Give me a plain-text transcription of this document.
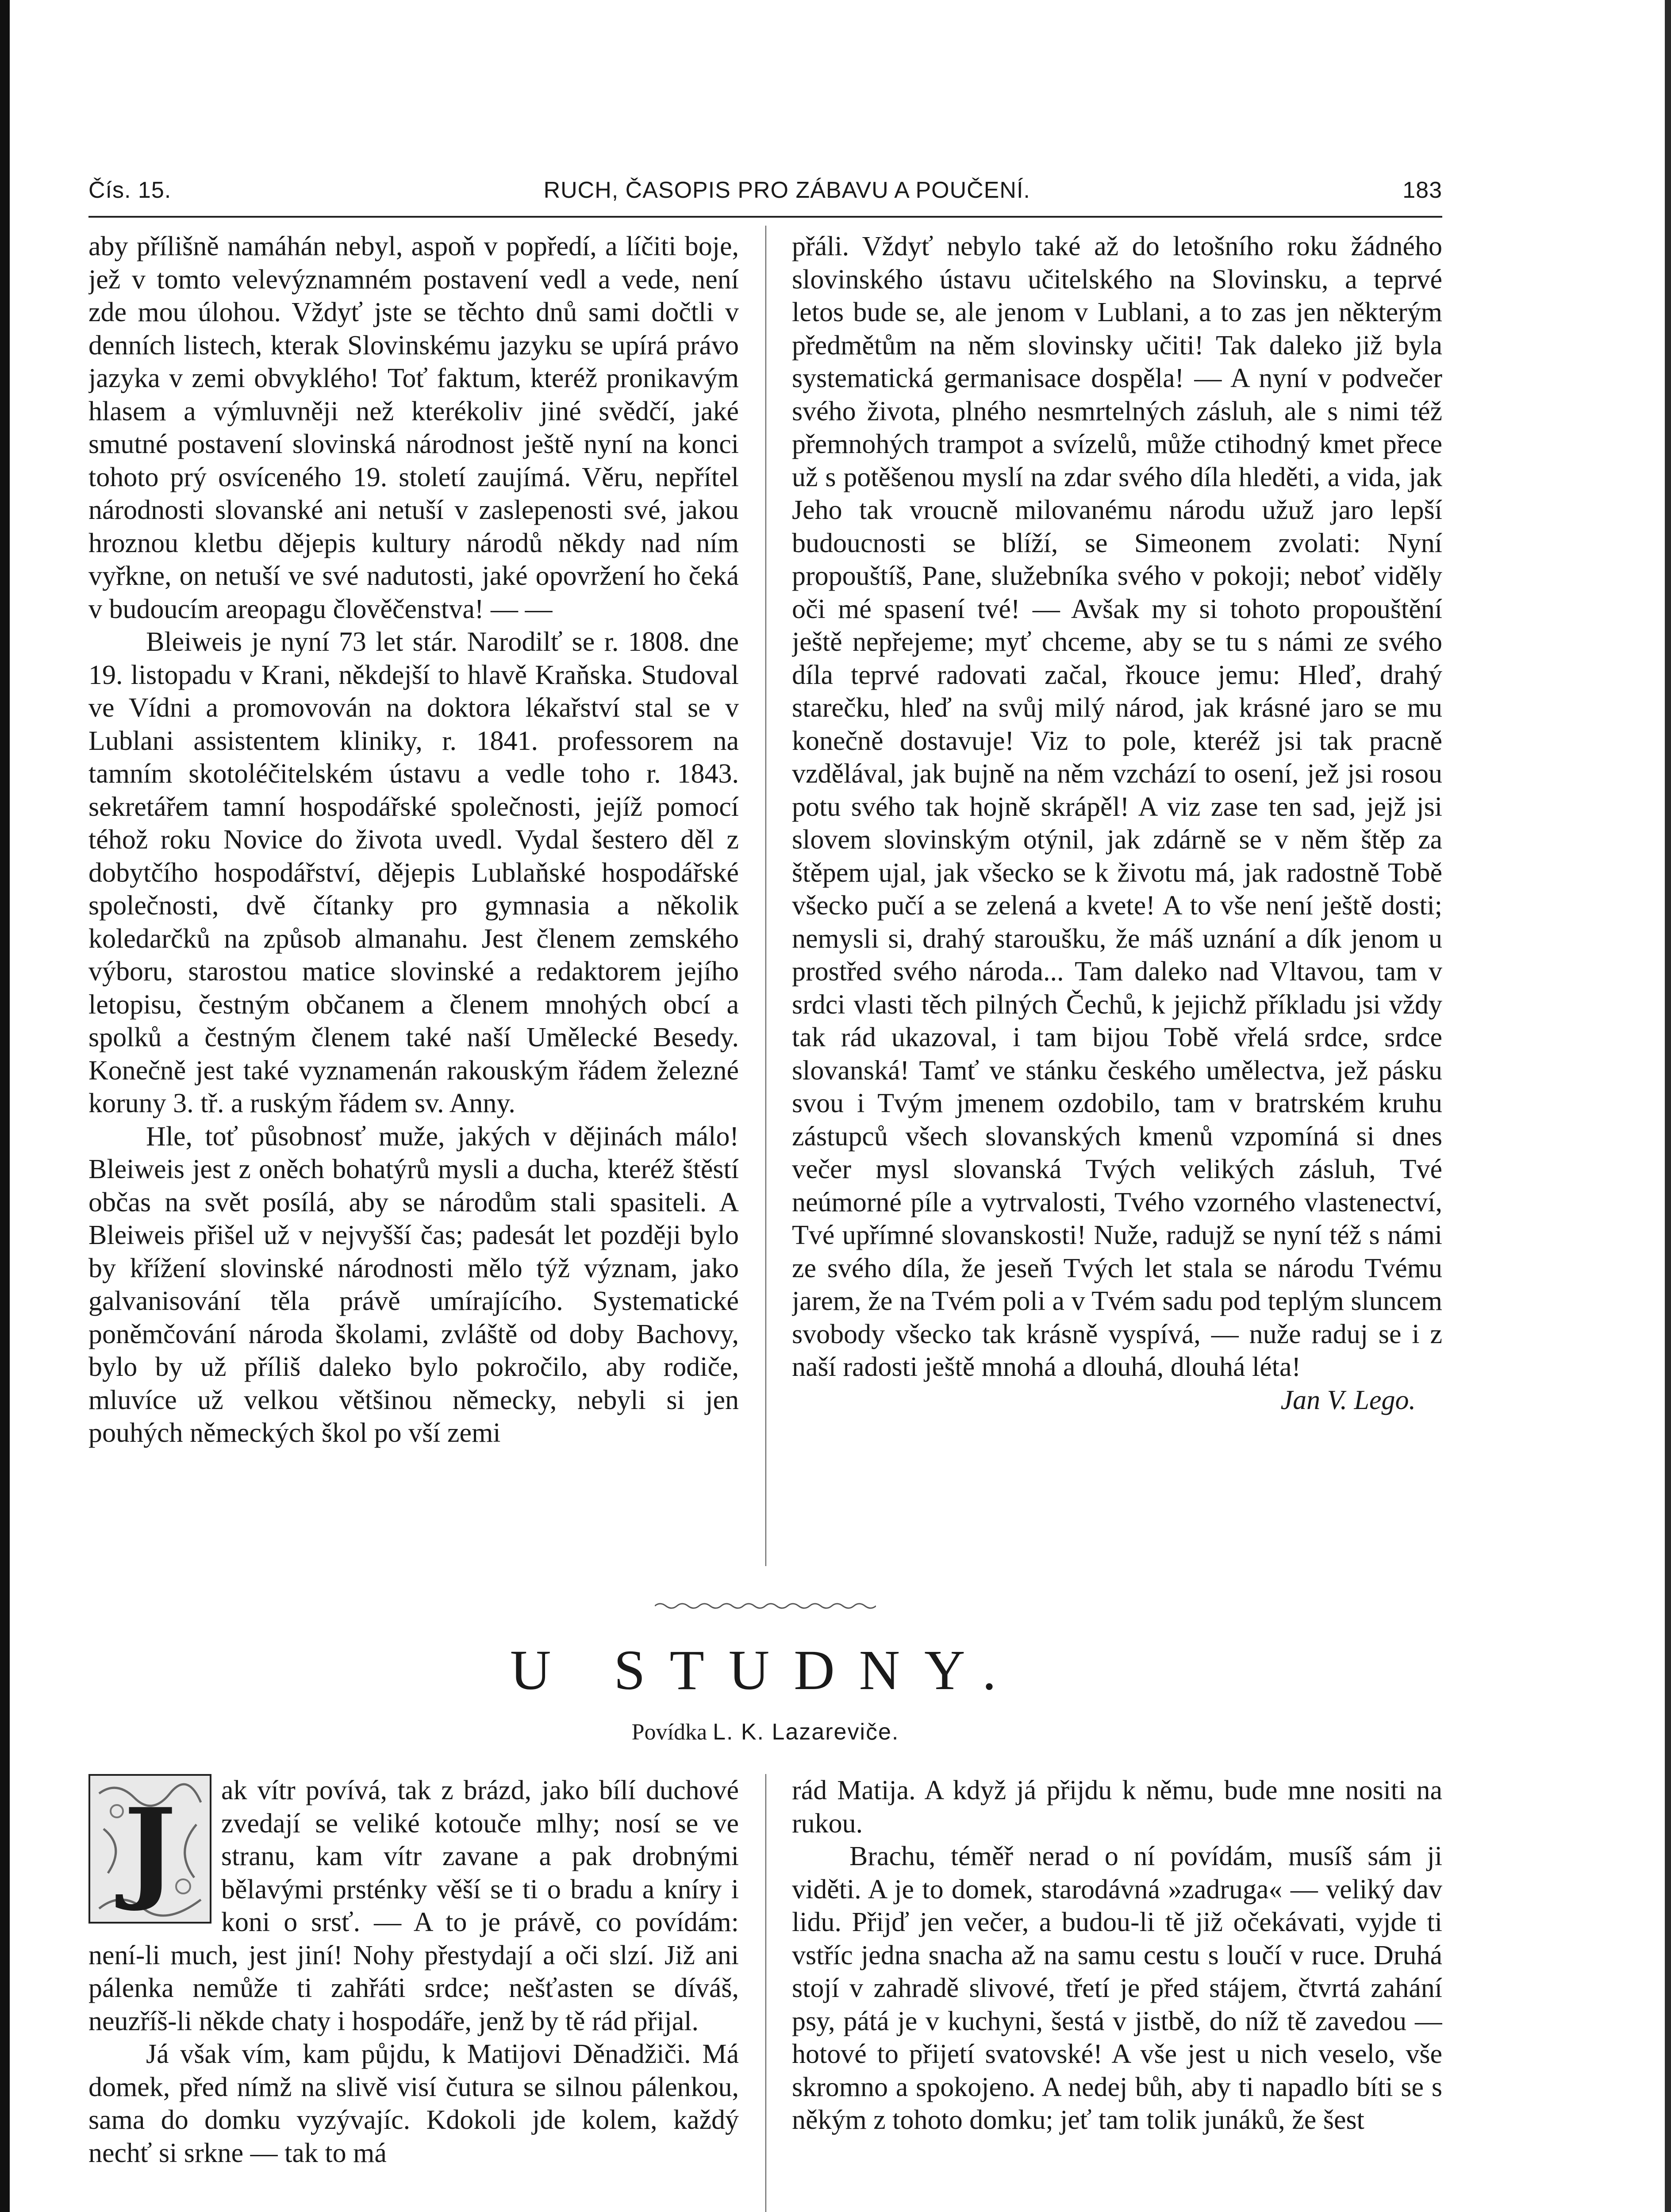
Čís. 15.	RUCH, ČASOPIS PRO ZÁBAVU A POUČENÍ.	183

aby přílišně namáhán nebyl, aspoň v popředí, a líčiti boje, jež v tomto velevýznamném postavení vedl a vede, není zde mou úlohou. Vždyť jste se těchto dnů sami dočtli v denních listech, kterak Slovinskému jazyku se upírá právo jazyka v zemi obvyklého! Toť faktum, kteréž pronikavým hlasem a výmluvněji než kterékoliv jiné svědčí, jaké smutné postavení slovinská národnost ještě nyní na konci tohoto prý osvíceného 19. století zaujímá. Věru, nepřítel národnosti slovanské ani netuší v zaslepenosti své, jakou hroznou kletbu dějepis kultury národů někdy nad ním vyřkne, on netuší ve své nadutosti, jaké opovržení ho čeká v budoucím areopagu člověčenstva! — —

Bleiweis je nyní 73 let stár. Narodilť se r. 1808. dne 19. listopadu v Krani, někdejší to hlavě Kraňska. Studoval ve Vídni a promovován na doktora lékařství stal se v Lublani assistentem kliniky, r. 1841. professorem na tamním skotoléčitelském ústavu a vedle toho r. 1843. sekretářem tamní hospodářské společnosti, jejíž pomocí téhož roku Novice do života uvedl. Vydal šestero děl z dobytčího hospodářství, dějepis Lublaňské hospodářské společnosti, dvě čítanky pro gymnasia a několik koledarčků na způsob almanahu. Jest členem zemského výboru, starostou matice slovinské a redaktorem jejího letopisu, čestným občanem a členem mnohých obcí a spolků a čestným členem také naší Umělecké Besedy. Konečně jest také vyznamenán rakouským řádem železné koruny 3. tř. a ruským řádem sv. Anny.

Hle, toť působnosť muže, jakých v dějinách málo! Bleiweis jest z oněch bohatýrů mysli a ducha, kteréž štěstí občas na svět posílá, aby se národům stali spasiteli. A Bleiweis přišel už v nejvyšší čas; padesát let později bylo by křížení slovinské národnosti mělo týž význam, jako galvanisování těla právě umírajícího. Systematické poněmčování národa školami, zvláště od doby Bachovy, bylo by už příliš daleko bylo pokročilo, aby rodiče, mluvíce už velkou většinou německy, nebyli si jen pouhých německých škol po vší zemi

přáli. Vždyť nebylo také až do letošního roku žádného slovinského ústavu učitelského na Slovinsku, a teprvé letos bude se, ale jenom v Lublani, a to zas jen některým předmětům na něm slovinsky učiti! Tak daleko již byla systematická germanisace dospěla! — A nyní v podvečer svého života, plného nesmrtelných zásluh, ale s nimi též přemnohých trampot a svízelů, může ctihodný kmet přece už s potěšenou myslí na zdar svého díla hleděti, a vida, jak Jeho tak vroucně milovanému národu užuž jaro lepší budoucnosti se blíží, se Simeonem zvolati: Nyní propouštíš, Pane, služebníka svého v pokoji; neboť viděly oči mé spasení tvé! — Avšak my si tohoto propouštění ještě nepřejeme; myť chceme, aby se tu s námi ze svého díla teprvé radovati začal, řkouce jemu: Hleď, drahý starečku, hleď na svůj milý národ, jak krásné jaro se mu konečně dostavuje! Viz to pole, kteréž jsi tak pracně vzdělával, jak bujně na něm vzchází to osení, jež jsi rosou potu svého tak hojně skrápěl! A viz zase ten sad, jejž jsi slovem slovinským otýnil, jak zdárně se v něm štěp za štěpem ujal, jak všecko se k životu má, jak radostně Tobě všecko pučí a se zelená a kvete! A to vše není ještě dosti; nemysli si, drahý staroušku, že máš uznání a dík jenom u prostřed svého národa... Tam daleko nad Vltavou, tam v srdci vlasti těch pilných Čechů, k jejichž příkladu jsi vždy tak rád ukazoval, i tam bijou Tobě vřelá srdce, srdce slovanská! Tamť ve stánku českého umělectva, jež pásku svou i Tvým jmenem ozdobilo, tam v bratrském kruhu zástupců všech slovanských kmenů vzpomíná si dnes večer mysl slovanská Tvých velikých zásluh, Tvé neúmorné píle a vytrvalosti, Tvého vzorného vlastenectví, Tvé upřímné slovanskosti! Nuže, radujž se nyní též s námi ze svého díla, že jeseň Tvých let stala se národu Tvému jarem, že na Tvém poli a v Tvém sadu pod teplým sluncem svobody všecko tak krásně vyspívá, — nuže raduj se i z naší radosti ještě mnohá a dlouhá, dlouhá léta!

Jan V. Lego.

U STUDNY.
Povídka L. K. Lazareviče.
J	ak vítr povívá, tak z brázd, jako bílí duchové zvedají se veliké kotouče mlhy; nosí se ve stranu, kam vítr zavane a pak drobnými bělavými prsténky věší se ti o bradu a kníry i koni o srsť. — A to je právě, co povídám: není-li much, jest jiní! Nohy přestydají a oči slzí. Již ani pálenka nemůže ti zahřáti srdce; nešťasten se díváš, neuzříš-li někde chaty i hospodáře, jenž by tě rád přijal.

Já však vím, kam půjdu, k Matijovi Děnadžiči. Má domek, před nímž na slivě visí čutura se silnou pálenkou, sama do domku vyzývajíc. Kdokoli jde kolem, každý nechť si srkne — tak to má

rád Matija. A když já přijdu k němu, bude mne nositi na rukou.

Brachu, téměř nerad o ní povídám, musíš sám ji viděti. A je to domek, starodávná »zadruga« — veliký dav lidu. Přijď jen večer, a budou-li tě již očekávati, vyjde ti vstříc jedna snacha až na samu cestu s loučí v ruce. Druhá stojí v zahradě slivové, třetí je před stájem, čtvrtá zahání psy, pátá je v kuchyni, šestá v jistbě, do níž tě zavedou — hotové to přijetí svatovské! A vše jest u nich veselo, vše skromno a spokojeno. A nedej bůh, aby ti napadlo bíti se s někým z tohoto domku; jeť tam tolik junáků, že šest
